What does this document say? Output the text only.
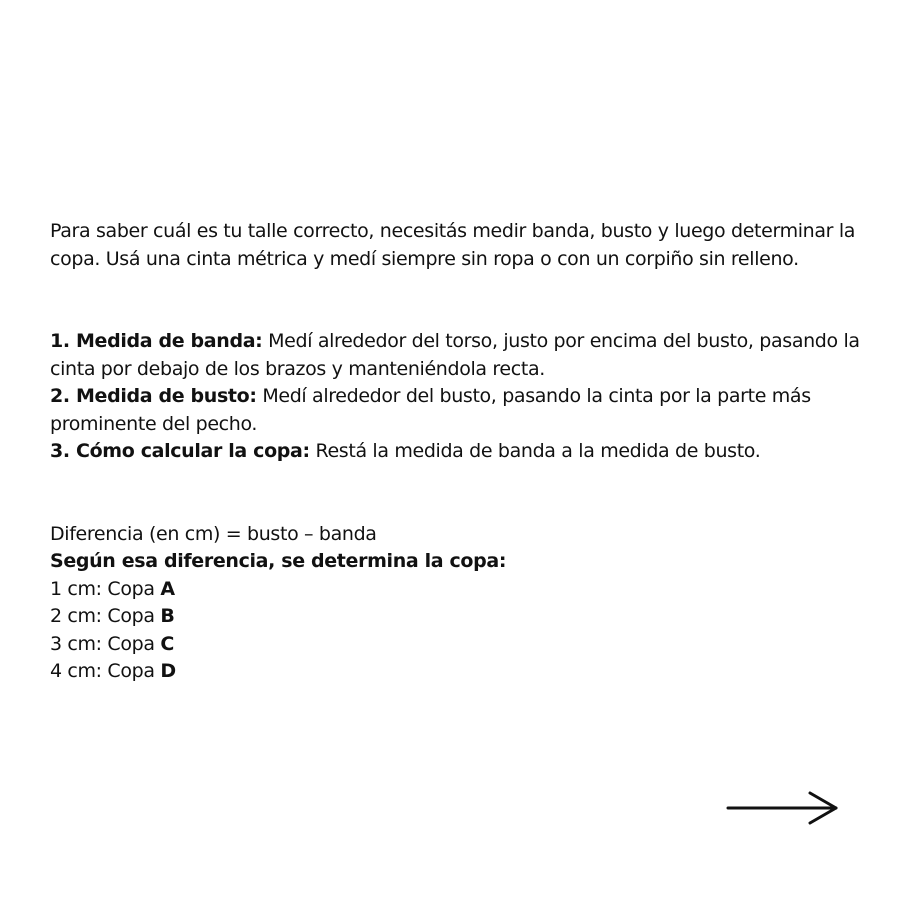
Para saber cuál es tu talle correcto, necesitás medir banda, busto y luego determinar la copa. Usá una cinta métrica y medí siempre sin ropa o con un corpiño sin relleno.

1. Medida de banda: Medí alrededor del torso, justo por encima del busto, pasando la cinta por debajo de los brazos y manteniéndola recta.

2. Medida de busto: Medí alrededor del busto, pasando la cinta por la parte más prominente del pecho.

3. Cómo calcular la copa: Restá la medida de banda a la medida de busto.

Diferencia (en cm) = busto – banda

Según esa diferencia, se determina la copa:

1 cm: Copa A

2 cm: Copa B

3 cm: Copa C

4 cm: Copa D
